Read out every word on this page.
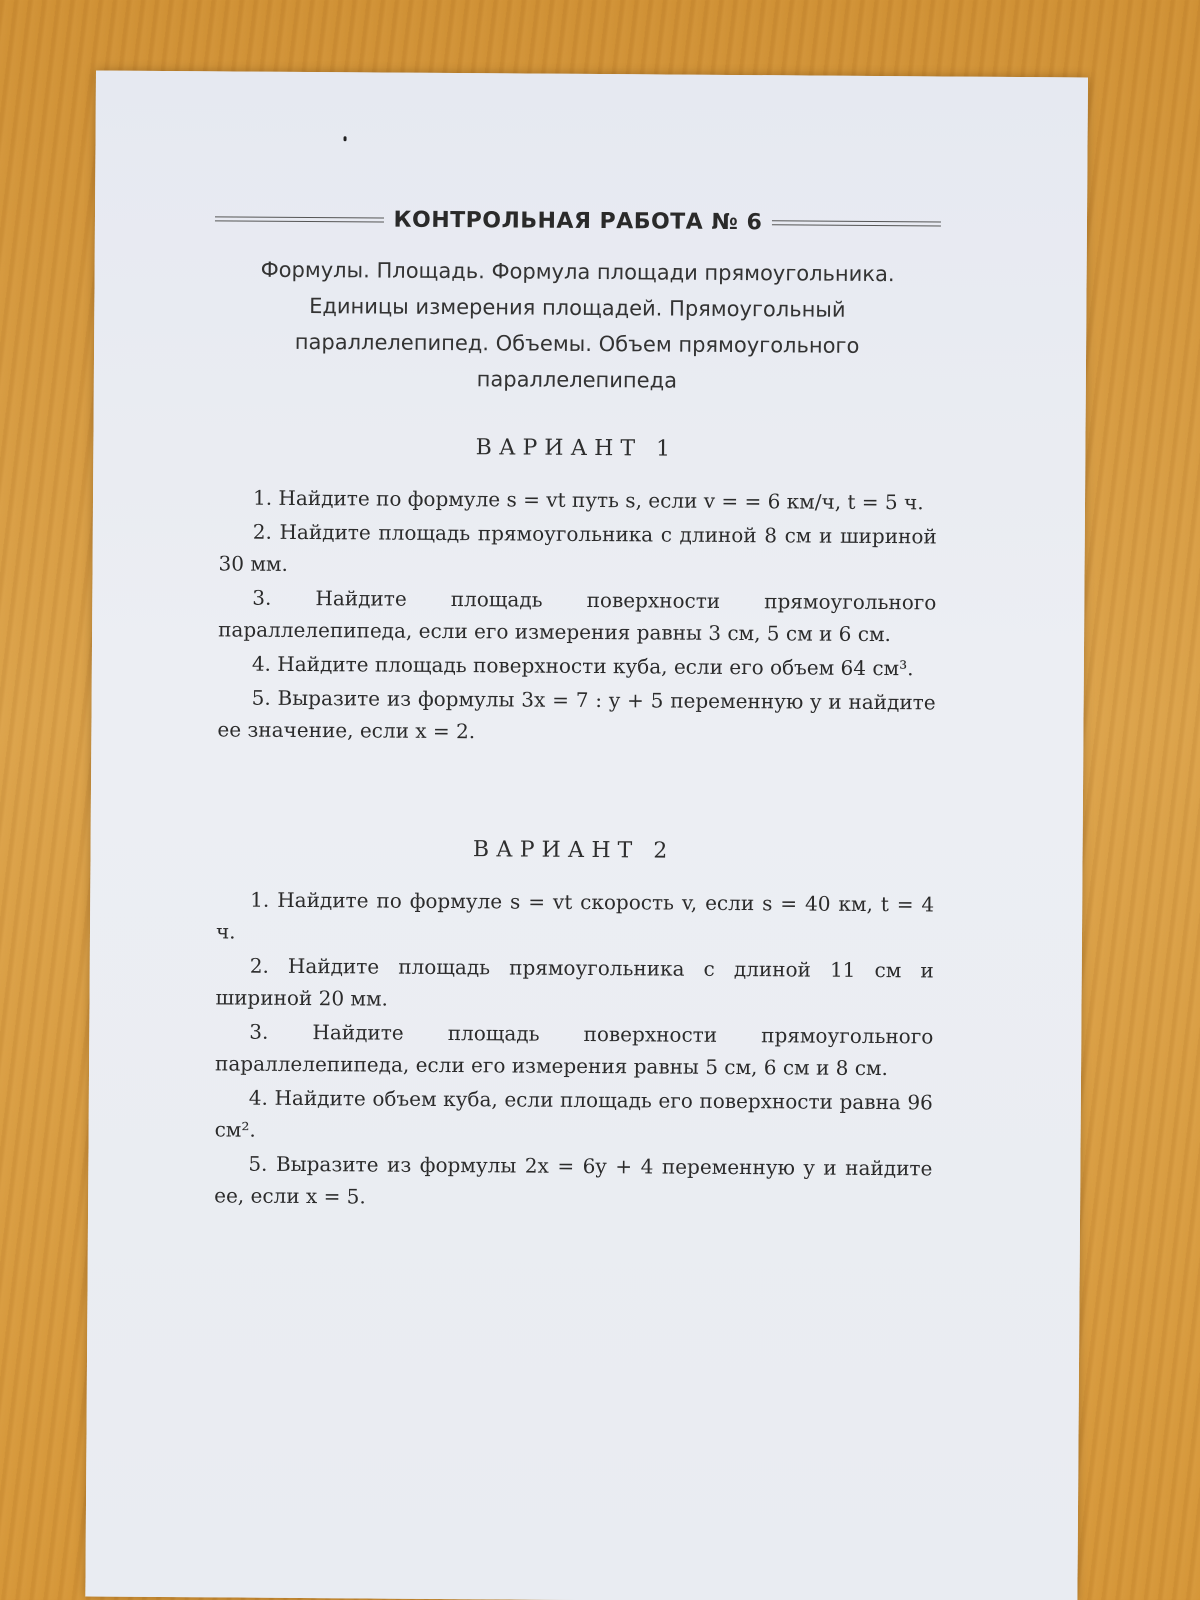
КОНТРОЛЬНАЯ РАБОТА № 6
Формулы. Площадь. Формула площади прямоугольника. Единицы измерения площадей. Прямоугольный параллелепипед. Объемы. Объем прямоугольного параллелепипеда
ВАРИАНТ 1

1. Найдите по формуле s = vt путь s, если v = = 6 км/ч, t = 5 ч.

2. Найдите площадь прямоугольника с длиной 8 см и шириной 30 мм.

3. Найдите площадь поверхности прямоугольного параллелепипеда, если его измерения равны 3 см, 5 см и 6 см.

4. Найдите площадь поверхности куба, если его объем 64 см³.

5. Выразите из формулы 3x = 7 : y + 5 переменную y и найдите ее значение, если x = 2.

ВАРИАНТ 2

1. Найдите по формуле s = vt скорость v, если s = 40 км, t = 4 ч.

2. Найдите площадь прямоугольника с длиной 11 см и шириной 20 мм.

3. Найдите площадь поверхности прямоугольного параллелепипеда, если его измерения равны 5 см, 6 см и 8 см.

4. Найдите объем куба, если площадь его поверхности равна 96 см².

5. Выразите из формулы 2x = 6y + 4 переменную y и найдите ее, если x = 5.
